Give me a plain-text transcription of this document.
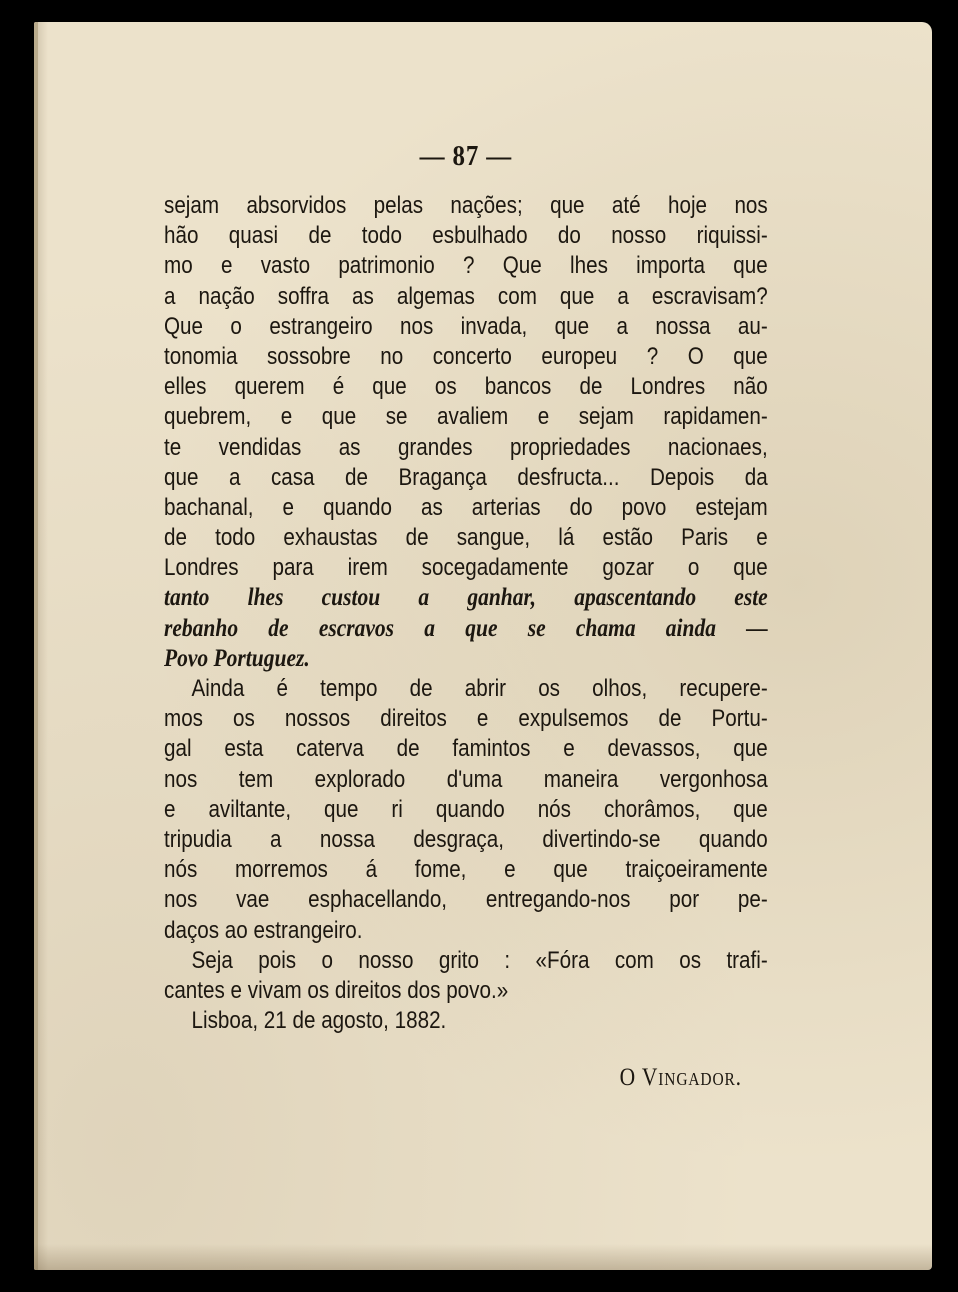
— 87 —
sejam absorvidos pelas nações; que até hoje nos
hão quasi de todo esbulhado do nosso riquissi-
mo e vasto patrimonio ? Que lhes importa que
a nação soffra as algemas com que a escravisam?
Que o estrangeiro nos invada, que a nossa au-
tonomia sossobre no concerto europeu ? O que
elles querem é que os bancos de Londres não
quebrem, e que se avaliem e sejam rapidamen-
te vendidas as grandes propriedades nacionaes,
que a casa de Bragança desfructa... Depois da
bachanal, e quando as arterias do povo estejam
de todo exhaustas de sangue, lá estão Paris e
Londres para irem socegadamente gozar o que
tanto lhes custou a ganhar, apascentando este
rebanho de escravos a que se chama ainda —
Povo Portuguez.
Ainda é tempo de abrir os olhos, recupere-
mos os nossos direitos e expulsemos de Portu-
gal esta caterva de famintos e devassos, que
nos tem explorado d'uma maneira vergonhosa
e aviltante, que ri quando nós chorâmos, que
tripudia a nossa desgraça, divertindo-se quando
nós morremos á fome, e que traiçoeiramente
nos vae esphacellando, entregando-nos por pe-
daços ao estrangeiro.
Seja pois o nosso grito : «Fóra com os trafi-
cantes e vivam os direitos dos povo.»
Lisboa, 21 de agosto, 1882.
O Vingador.
